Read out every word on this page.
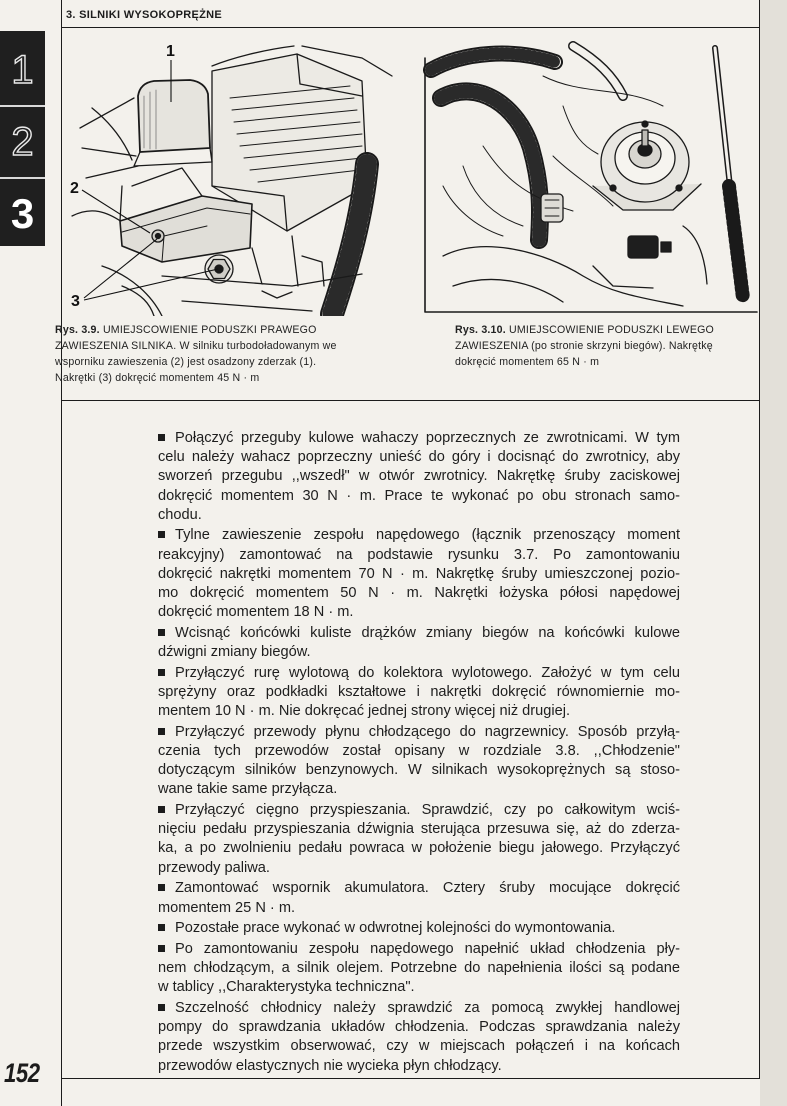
3. SILNIKI WYSOKOPRĘŻNE
1
2
3
1
2
3
Rys. 3.9. UMIEJSCOWIENIE PODUSZKI PRAWEGO
ZAWIESZENIA SILNIKA. W silniku turbodoładowanym we
wsporniku zawieszenia (2) jest osadzony zderzak (1).
Nakrętki (3) dokręcić momentem 45 N · m
Rys. 3.10. UMIEJSCOWIENIE PODUSZKI LEWEGO
ZAWIESZENIA (po stronie skrzyni biegów). Nakrętkę
dokręcić momentem 65 N · m
Połączyć przeguby kulowe wahaczy poprzecznych ze zwrotnicami. W tym
celu należy wahacz poprzeczny unieść do góry i docisnąć do zwrotnicy, aby
sworzeń przegubu ,,wszedł" w otwór zwrotnicy. Nakrętkę śruby zaciskowej
dokręcić momentem 30 N · m. Prace te wykonać po obu stronach samo-
chodu.
Tylne zawieszenie zespołu napędowego (łącznik przenoszący moment
reakcyjny) zamontować na podstawie rysunku 3.7. Po zamontowaniu
dokręcić nakrętki momentem 70 N · m. Nakrętkę śruby umieszczonej pozio-
mo dokręcić momentem 50 N · m. Nakrętki łożyska półosi napędowej
dokręcić momentem 18 N · m.
Wcisnąć końcówki kuliste drążków zmiany biegów na końcówki kulowe
dźwigni zmiany biegów.
Przyłączyć rurę wylotową do kolektora wylotowego. Założyć w tym celu
sprężyny oraz podkładki kształtowe i nakrętki dokręcić równomiernie mo-
mentem 10 N · m. Nie dokręcać jednej strony więcej niż drugiej.
Przyłączyć przewody płynu chłodzącego do nagrzewnicy. Sposób przyłą-
czenia tych przewodów został opisany w rozdziale 3.8. ,,Chłodzenie"
dotyczącym silników benzynowych. W silnikach wysokoprężnych są stoso-
wane takie same przyłącza.
Przyłączyć cięgno przyspieszania. Sprawdzić, czy po całkowitym wciś-
nięciu pedału przyspieszania dźwignia sterująca przesuwa się, aż do zderza-
ka, a po zwolnieniu pedału powraca w położenie biegu jałowego. Przyłączyć
przewody paliwa.
Zamontować wspornik akumulatora. Cztery śruby mocujące dokręcić
momentem 25 N · m.
Pozostałe prace wykonać w odwrotnej kolejności do wymontowania.
Po zamontowaniu zespołu napędowego napełnić układ chłodzenia pły-
nem chłodzącym, a silnik olejem. Potrzebne do napełnienia ilości są podane
w tablicy ,,Charakterystyka techniczna".
Szczelność chłodnicy należy sprawdzić za pomocą zwykłej handlowej
pompy do sprawdzania układów chłodzenia. Podczas sprawdzania należy
przede wszystkim obserwować, czy w miejscach połączeń i na końcach
przewodów elastycznych nie wycieka płyn chłodzący.
152
